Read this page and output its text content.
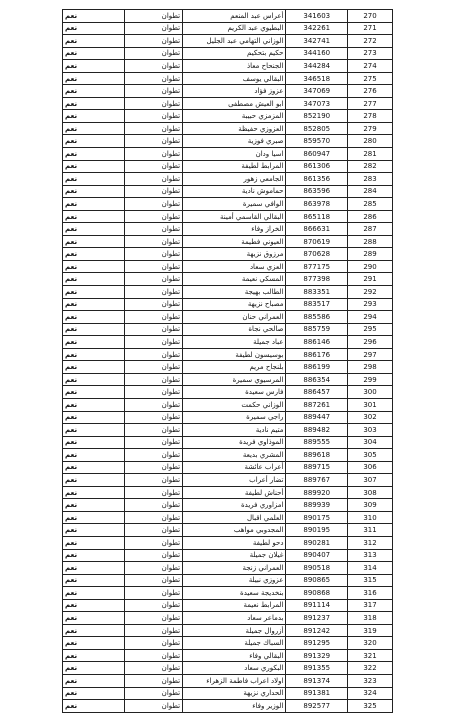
نعم	تطوان	أعراس عبد المنعم	341603	270
نعم	تطوان	البطيوي عبد الكريم	342261	271
نعم	تطوان	الوزاني التهامي عبد الجليل	342741	272
نعم	تطوان	حكيم بتحكيم	344160	273
نعم	تطوان	الجنحاح معاذ	344284	274
نعم	تطوان	البقالي يوسف	346518	275
نعم	تطوان	عزوز فؤاد	347069	276
نعم	تطوان	ابو العيش مصطفى	347073	277
نعم	تطوان	المزمزي حبيبة	852190	278
نعم	تطوان	العزوزي حفيظة	852805	279
نعم	تطوان	صبري فوزية	859570	280
نعم	تطوان	اسيا ودان	860947	281
نعم	تطوان	المرابط لطيفة	861306	282
نعم	تطوان	الجامعي زهور	861356	283
نعم	تطوان	حماموش نادية	863596	284
نعم	تطوان	الوافي سميرة	863978	285
نعم	تطوان	البقالي القاسمي أمينة	865118	286
نعم	تطوان	الخراز وفاء	866631	287
نعم	تطوان	العيوني فطيمة	870619	288
نعم	تطوان	مرزوق نزيهة	870628	289
نعم	تطوان	العزي سعاد	877175	290
نعم	تطوان	المسكي نعيمة	877398	291
نعم	تطوان	الطالب بهيجة	883351	292
نعم	تطوان	مصباح نزيهة	883517	293
نعم	تطوان	العمراني حنان	885586	294
نعم	تطوان	صالحي نجاة	885759	295
نعم	تطوان	عباد جميلة	886146	296
نعم	تطوان	بوسيسون لطيفة	886176	297
نعم	تطوان	بلنجاح مريم	886199	298
نعم	تطوان	المرسيوي سميرة	886354	299
نعم	تطوان	فارس سعيدة	886457	300
نعم	تطوان	الوزاني حكمت	887261	301
نعم	تطوان	راجي سميرة	889447	302
نعم	تطوان	متيم نادية	889482	303
نعم	تطوان	الموذاوي فريدة	889555	304
نعم	تطوان	المشري بديعة	889618	305
نعم	تطوان	أعراب عائشة	889715	306
نعم	تطوان	تضار أعراب	889767	307
نعم	تطوان	أحناش لطيفة	889920	308
نعم	تطوان	امزاوري فريدة	889939	309
نعم	تطوان	العلمي اقبال	890175	310
نعم	تطوان	المجدوبي مواهب	890195	311
نعم	تطوان	دحو لطيفة	890281	312
نعم	تطوان	غيلان جميلة	890407	313
نعم	تطوان	العمراني زنجة	890518	314
نعم	تطوان	عزوزي نبيلة	890865	315
نعم	تطوان	بنخديجة سعيدة	890868	316
نعم	تطوان	المرابط نعيمة	891114	317
نعم	تطوان	بدماعر سعاد	891237	318
نعم	تطوان	أزروال جميلة	891242	319
نعم	تطوان	السباك جميلة	891295	320
نعم	تطوان	البقالي وفاء	891329	321
نعم	تطوان	البكوري سعاد	891355	322
نعم	تطوان	اولاد اعراب فاطمة الزهراء	891374	323
نعم	تطوان	الحداري نزيهة	891381	324
نعم	تطوان	الوزير وفاء	892577	325
